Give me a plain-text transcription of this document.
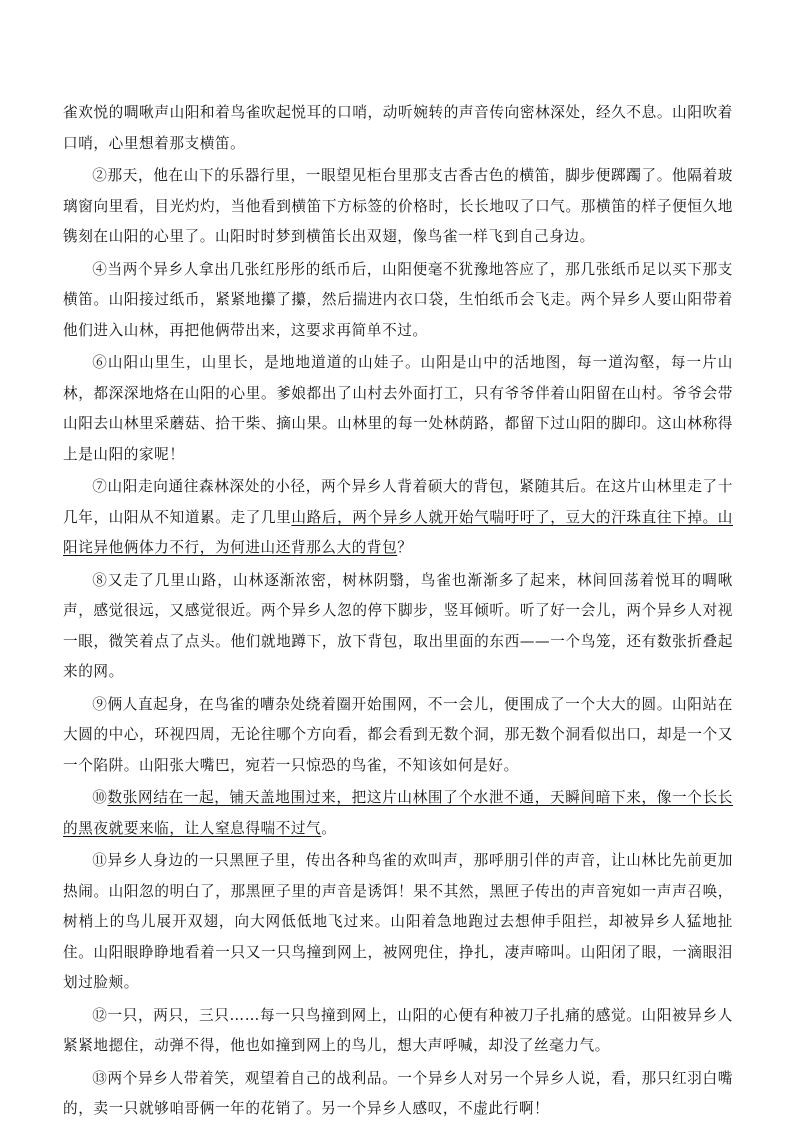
雀欢悦的啁啾声山阳和着鸟雀吹起悦耳的口哨，动听婉转的声音传向密林深处，经久不息。山阳吹着口哨，心里想着那支横笛。

②那天，他在山下的乐器行里，一眼望见柜台里那支古香古色的横笛，脚步便踯躅了。他隔着玻璃窗向里看，目光灼灼，当他看到横笛下方标签的价格时，长长地叹了口气。那横笛的样子便恒久地镌刻在山阳的心里了。山阳时时梦到横笛长出双翅，像鸟雀一样飞到自己身边。

④当两个异乡人拿出几张红彤彤的纸币后，山阳便毫不犹豫地答应了，那几张纸币足以买下那支横笛。山阳接过纸币，紧紧地攥了攥，然后揣进内衣口袋，生怕纸币会飞走。两个异乡人要山阳带着他们进入山林，再把他俩带出来，这要求再简单不过。

⑥山阳山里生，山里长，是地地道道的山娃子。山阳是山中的活地图，每一道沟壑，每一片山林，都深深地烙在山阳的心里。爹娘都出了山村去外面打工，只有爷爷伴着山阳留在山村。爷爷会带山阳去山林里采蘑菇、拾干柴、摘山果。山林里的每一处林荫路，都留下过山阳的脚印。这山林称得上是山阳的家呢！

⑦山阳走向通往森林深处的小径，两个异乡人背着硕大的背包，紧随其后。在这片山林里走了十几年，山阳从不知道累。走了几里山路后，两个异乡人就开始气喘吁吁了，豆大的汗珠直往下掉。山阳诧异他俩体力不行，为何进山还背那么大的背包？

⑧又走了几里山路，山林逐渐浓密，树林阴翳，鸟雀也渐渐多了起来，林间回荡着悦耳的啁啾声，感觉很远，又感觉很近。两个异乡人忽的停下脚步，竖耳倾听。听了好一会儿，两个异乡人对视一眼，微笑着点了点头。他们就地蹲下，放下背包，取出里面的东西——一个鸟笼，还有数张折叠起来的网。

⑨俩人直起身，在鸟雀的嘈杂处绕着圈开始围网，不一会儿，便围成了一个大大的圆。山阳站在大圆的中心，环视四周，无论往哪个方向看，都会看到无数个洞，那无数个洞看似出口，却是一个又一个陷阱。山阳张大嘴巴，宛若一只惊恐的鸟雀，不知该如何是好。

⑩数张网结在一起，铺天盖地围过来，把这片山林围了个水泄不通，天瞬间暗下来，像一个长长的黑夜就要来临，让人窒息得喘不过气。

⑪异乡人身边的一只黑匣子里，传出各种鸟雀的欢叫声，那呼朋引伴的声音，让山林比先前更加热闹。山阳忽的明白了，那黑匣子里的声音是诱饵！果不其然，黑匣子传出的声音宛如一声声召唤，树梢上的鸟儿展开双翅，向大网低低地飞过来。山阳着急地跑过去想伸手阻拦，却被异乡人猛地扯住。山阳眼睁睁地看着一只又一只鸟撞到网上，被网兜住，挣扎，凄声啼叫。山阳闭了眼，一滴眼泪划过脸颊。

⑫一只，两只，三只……每一只鸟撞到网上，山阳的心便有种被刀子扎痛的感觉。山阳被异乡人紧紧地摁住，动弹不得，他也如撞到网上的鸟儿，想大声呼喊，却没了丝毫力气。

⑬两个异乡人带着笑，观望着自己的战利品。一个异乡人对另一个异乡人说，看，那只红羽白嘴的，卖一只就够咱哥俩一年的花销了。另一个异乡人感叹，不虚此行啊！
